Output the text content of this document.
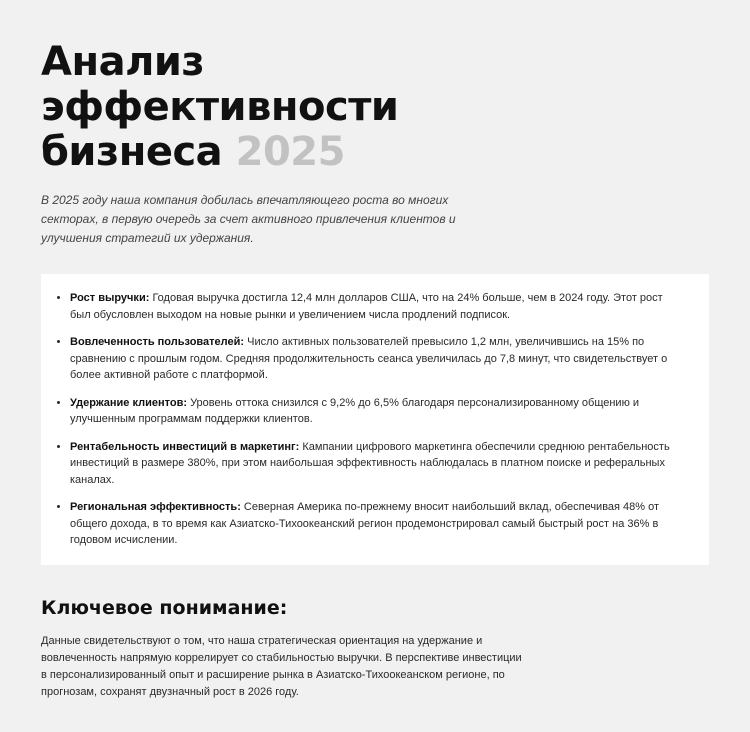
Анализ эффективности бизнеса 2025

В 2025 году наша компания добилась впечатляющего роста во многих секторах, в первую очередь за счет активного привлечения клиентов и улучшения стратегий их удержания.

• Рост выручки: Годовая выручка достигла 12,4 млн долларов США, что на 24% больше, чем в 2024 году. Этот рост был обусловлен выходом на новые рынки и увеличением числа продлений подписок.
• Вовлеченность пользователей: Число активных пользователей превысило 1,2 млн, увеличившись на 15% по сравнению с прошлым годом. Средняя продолжительность сеанса увеличилась до 7,8 минут, что свидетельствует о более активной работе с платформой.
• Удержание клиентов: Уровень оттока снизился с 9,2% до 6,5% благодаря персонализированному общению и улучшенным программам поддержки клиентов.
• Рентабельность инвестиций в маркетинг: Кампании цифрового маркетинга обеспечили среднюю рентабельность инвестиций в размере 380%, при этом наибольшая эффективность наблюдалась в платном поиске и реферальных каналах.
• Региональная эффективность: Северная Америка по-прежнему вносит наибольший вклад, обеспечивая 48% от общего дохода, в то время как Азиатско-Тихоокеанский регион продемонстрировал самый быстрый рост на 36% в годовом исчислении.
Ключевое понимание:

Данные свидетельствуют о том, что наша стратегическая ориентация на удержание и вовлеченность напрямую коррелирует со стабильностью выручки. В перспективе инвестиции в персонализированный опыт и расширение рынка в Азиатско-Тихоокеанском регионе, по прогнозам, сохранят двузначный рост в 2026 году.
